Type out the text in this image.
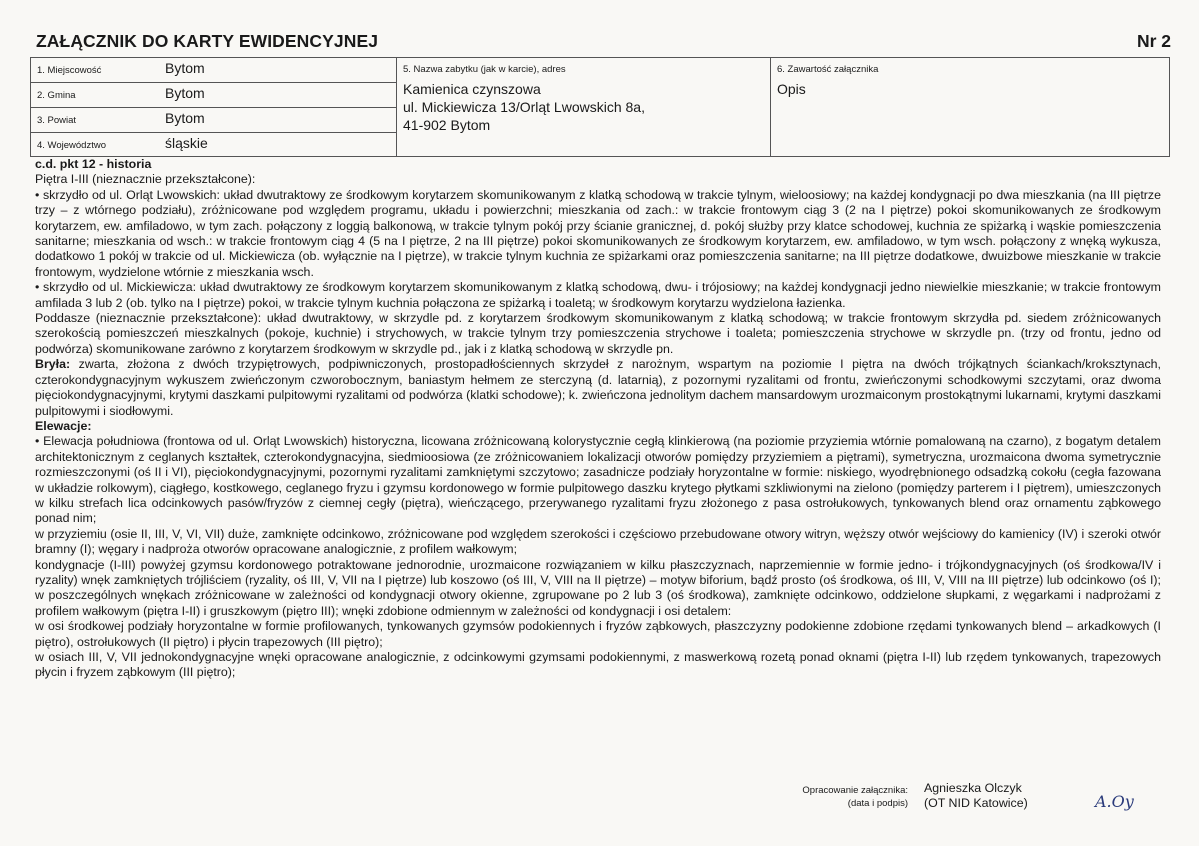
ZAŁĄCZNIK DO KARTY EWIDENCYJNEJ	Nr 2
1. Miejscowość	Bytom
2. Gmina	Bytom
3. Powiat	Bytom
4. Województwo	śląskie
5. Nazwa zabytku (jak w karcie), adres
Kamienica czynszowa
ul. Mickiewicza 13/Orląt Lwowskich 8a,
41-902 Bytom
6. Zawartość załącznika
Opis

c.d. pkt 12 - historia

Piętra I-III (nieznacznie przekształcone):

• skrzydło od ul. Orląt Lwowskich: układ dwutraktowy ze środkowym korytarzem skomunikowanym z klatką schodową w trakcie tylnym, wieloosiowy; na każdej kondygnacji po dwa mieszkania (na III piętrze trzy – z wtórnego podziału), zróżnicowane pod względem programu, układu i powierzchni; mieszkania od zach.: w trakcie frontowym ciąg 3 (2 na I piętrze) pokoi skomunikowanych ze środkowym korytarzem, ew. amfiladowo, w tym zach. połączony z loggią balkonową, w trakcie tylnym pokój przy ścianie granicznej, d. pokój służby przy klatce schodowej, kuchnia ze spiżarką i wąskie pomieszczenia sanitarne; mieszkania od wsch.: w trakcie frontowym ciąg 4 (5 na I piętrze, 2 na III piętrze) pokoi skomunikowanych ze środkowym korytarzem, ew. amfiladowo, w tym wsch. połączony z wnęką wykusza, dodatkowo 1 pokój w trakcie od ul. Mickiewicza (ob. wyłącznie na I piętrze), w trakcie tylnym kuchnia ze spiżarkami oraz pomieszczenia sanitarne; na III piętrze dodatkowe, dwuizbowe mieszkanie w trakcie frontowym, wydzielone wtórnie z mieszkania wsch.

• skrzydło od ul. Mickiewicza: układ dwutraktowy ze środkowym korytarzem skomunikowanym z klatką schodową, dwu- i trójosiowy; na każdej kondygnacji jedno niewielkie mieszkanie; w trakcie frontowym amfilada 3 lub 2 (ob. tylko na I piętrze) pokoi, w trakcie tylnym kuchnia połączona ze spiżarką i toaletą; w środkowym korytarzu wydzielona łazienka.

Poddasze (nieznacznie przekształcone): układ dwutraktowy, w skrzydle pd. z korytarzem środkowym skomunikowanym z klatką schodową; w trakcie frontowym skrzydła pd. siedem zróżnicowanych szerokością pomieszczeń mieszkalnych (pokoje, kuchnie) i strychowych, w trakcie tylnym trzy pomieszczenia strychowe i toaleta; pomieszczenia strychowe w skrzydle pn. (trzy od frontu, jedno od podwórza) skomunikowane zarówno z korytarzem środkowym w skrzydle pd., jak i z klatką schodową w skrzydle pn.

Bryła: zwarta, złożona z dwóch trzypiętrowych, podpiwniczonych, prostopadłościennych skrzydeł z narożnym, wspartym na poziomie I piętra na dwóch trójkątnych ściankach/kroksztynach, czterokondygnacyjnym wykuszem zwieńczonym czworobocznym, baniastym hełmem ze sterczyną (d. latarnią), z pozornymi ryzalitami od frontu, zwieńczonymi schodkowymi szczytami, oraz dwoma pięciokondygnacyjnymi, krytymi daszkami pulpitowymi ryzalitami od podwórza (klatki schodowe); k. zwieńczona jednolitym dachem mansardowym urozmaiconym prostokątnymi lukarnami, krytymi daszkami pulpitowymi i siodłowymi.

Elewacje:

• Elewacja południowa (frontowa od ul. Orląt Lwowskich) historyczna, licowana zróżnicowaną kolorystycznie cegłą klinkierową (na poziomie przyziemia wtórnie pomalowaną na czarno), z bogatym detalem architektonicznym z ceglanych kształtek, czterokondygnacyjna, siedmioosiowa (ze zróżnicowaniem lokalizacji otworów pomiędzy przyziemiem a piętrami), symetryczna, urozmaicona dwoma symetrycznie rozmieszczonymi (oś II i VI), pięciokondygnacyjnymi, pozornymi ryzalitami zamkniętymi szczytowo; zasadnicze podziały horyzontalne w formie: niskiego, wyodrębnionego odsadzką cokołu (cegła fazowana w układzie rolkowym), ciągłego, kostkowego, ceglanego fryzu i gzymsu kordonowego w formie pulpitowego daszku krytego płytkami szkliwionymi na zielono (pomiędzy parterem i I piętrem), umieszczonych w kilku strefach lica odcinkowych pasów/fryzów z ciemnej cegły (piętra), wieńczącego, przerywanego ryzalitami fryzu złożonego z pasa ostrołukowych, tynkowanych blend oraz ornamentu ząbkowego ponad nim;

w przyziemiu (osie II, III, V, VI, VII) duże, zamknięte odcinkowo, zróżnicowane pod względem szerokości i częściowo przebudowane otwory witryn, węższy otwór wejściowy do kamienicy (IV) i szeroki otwór bramny (I); węgary i nadproża otworów opracowane analogicznie, z profilem wałkowym;

kondygnacje (I-III) powyżej gzymsu kordonowego potraktowane jednorodnie, urozmaicone rozwiązaniem w kilku płaszczyznach, naprzemiennie w formie jedno- i trójkondygnacyjnych (oś środkowa/IV i ryzality) wnęk zamkniętych trójliściem (ryzality, oś III, V, VII na I piętrze) lub koszowo (oś III, V, VIII na II piętrze) – motyw biforium, bądź prosto (oś środkowa, oś III, V, VIII na III piętrze) lub odcinkowo (oś I); w poszczególnych wnękach zróżnicowane w zależności od kondygnacji otwory okienne, zgrupowane po 2 lub 3 (oś środkowa), zamknięte odcinkowo, oddzielone słupkami, z węgarkami i nadprożami z profilem wałkowym (piętra I-II) i gruszkowym (piętro III); wnęki zdobione odmiennym w zależności od kondygnacji i osi detalem:

w osi środkowej podziały horyzontalne w formie profilowanych, tynkowanych gzymsów podokiennych i fryzów ząbkowych, płaszczyzny podokienne zdobione rzędami tynkowanych blend – arkadkowych (I piętro), ostrołukowych (II piętro) i płycin trapezowych (III piętro);

w osiach III, V, VII jednokondygnacyjne wnęki opracowane analogicznie, z odcinkowymi gzymsami podokiennymi, z maswerkową rozetą ponad oknami (piętra I-II) lub rzędem tynkowanych, trapezowych płycin i fryzem ząbkowym (III piętro);

Opracowanie załącznika:
(data i podpis)
Agnieszka Olczyk
(OT NID Katowice)	A.Oy
